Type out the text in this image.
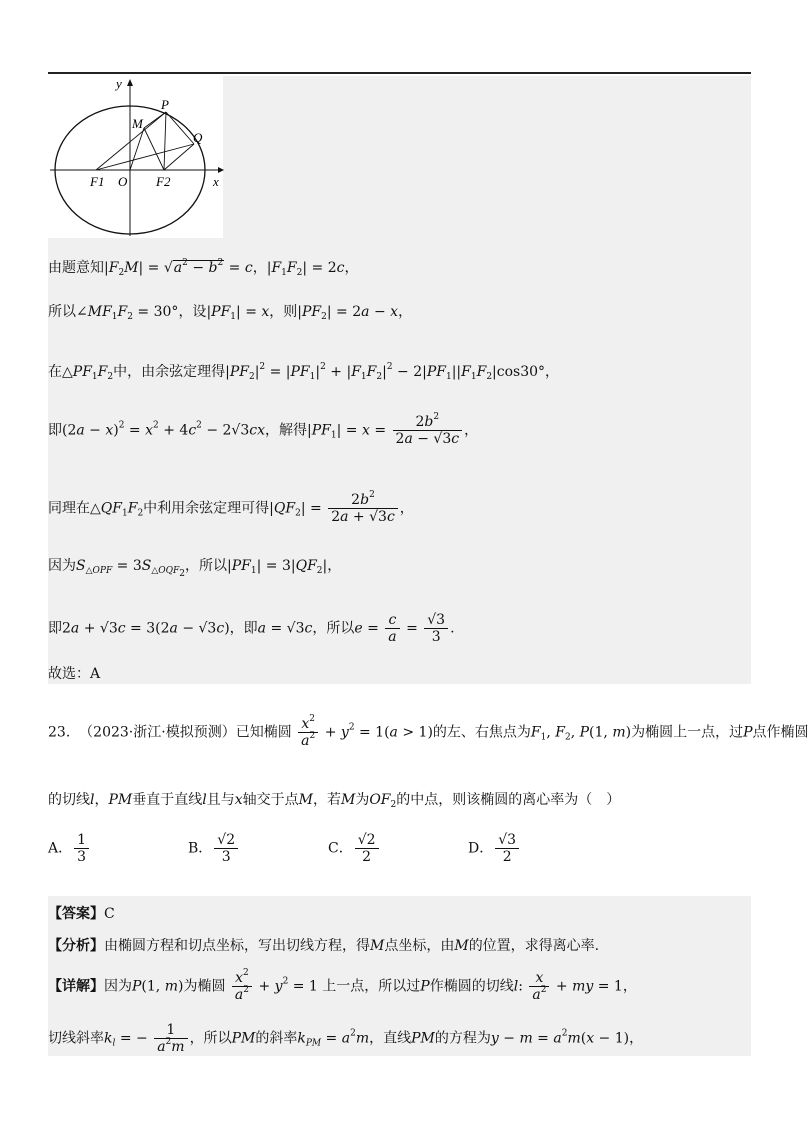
y
P
M
Q
F1 O F2	x
由题意知$|F_2M| = √a^2 - b^2 = c$，$|F_1F_2| = 2c$，
所以$\angle MF_1F_2 = 30^\circ$，设$|PF_1| = x$，则$|PF_2| = 2a - x$，
在$\triangle PF_1F_2$中，由余弦定理得$|PF_2|^2 = |PF_1|^2 + |F_1F_2|^2 - 2|PF_1||F_1F_2|\cos 30^\circ$，
即$(2a - x)^2 = x^2 + 4c^2 - 2√3cx$，解得$|PF_1| = x = \frac{2b^2}{2a - √3c}$ ，
同理在$\triangle QF_1F_2$中利用余弦定理可得$|QF_2| = \frac{2b^2}{2a + √3c}$ ，
因为$S_{\triangle OPF} = 3S_{\triangle OQF_2}$，所以$|PF_1| = 3|QF_2|$，
即2a + √3c = 3(2a − √3c)，即a = √3c，所以$e = \frac{c}{a} = \frac{√3}{3}$ .
故选：A
23. （2023·浙江·模拟预测）已知椭圆 $\frac{x^2}{a^2} + y^2 = 1(a > 1)$的左、右焦点为$F_1$, $F_2$, P(1, m)为椭圆上一点，过P点作椭圆
的切线l，PM垂直于直线l且与x轴交于点M，若M为$OF_2$的中点，则该椭圆的离心率为（　）
A． $\frac{1}{3}$	B． $\frac{√2}{3}$	C． $\frac{√2}{2}$	D． $\frac{√3}{2}$
【答案】C
【分析】由椭圆方程和切点坐标，写出切线方程，得M点坐标，由M的位置，求得离心率.
【详解】因为P(1, m)为椭圆 $\frac{x^2}{a^2} + y^2 = 1$ 上一点，所以过P作椭圆的切线l: $\frac{x}{a^2}$ + my = 1，
切线斜率$k_l$ = − $\frac{1}{a^2m}$ ，所以PM的斜率$k_{PM} = a^2m$，直线PM的方程为$y - m = a^2m(x - 1)$，
